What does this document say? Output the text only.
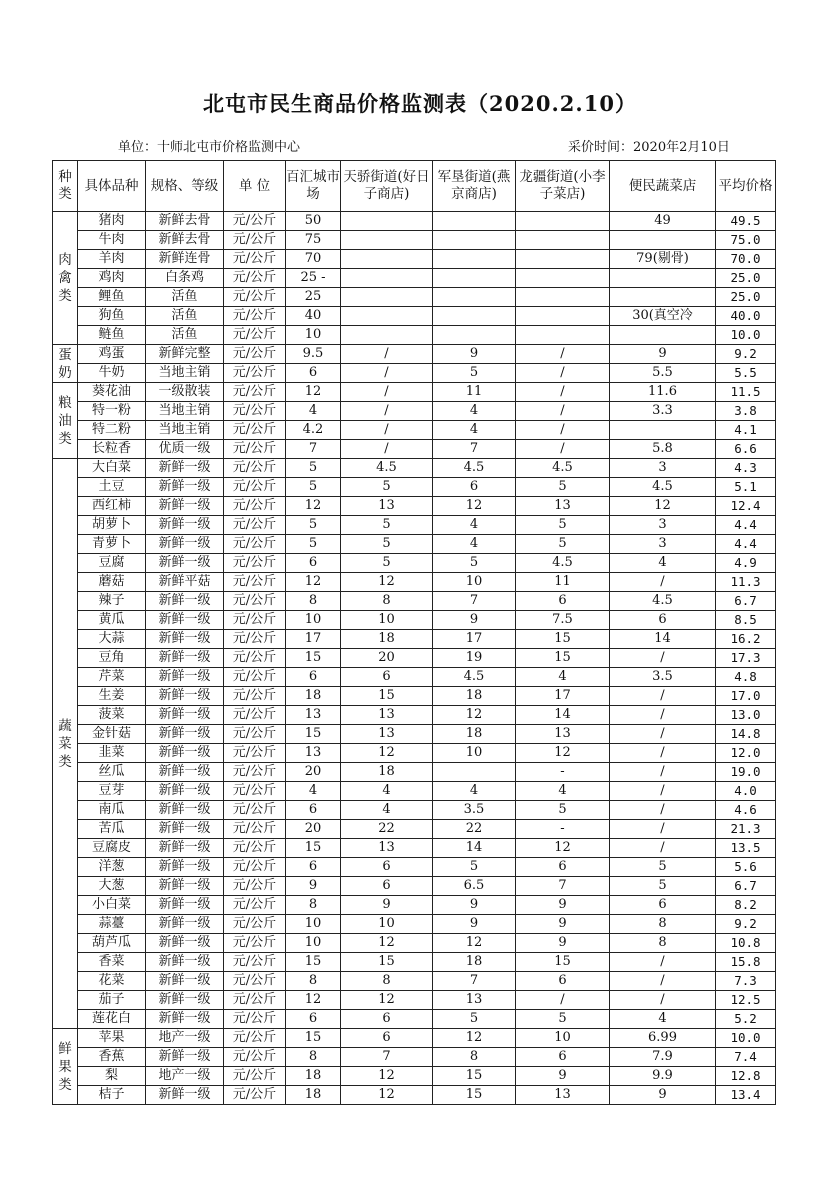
北屯市民生商品价格监测表（2020.2.10）
单位：十师北屯市价格监测中心	采价时间：2020年2月10日
种类	具体品种	规格、等级	单 位	百汇城市场	天骄街道(好日子商店)	军垦街道(燕京商店)	龙疆街道(小李子菜店)	便民蔬菜店	平均价格
肉
禽
类	猪肉	新鲜去骨	元/公斤	50				49	49.5
	牛肉	新鲜去骨	元/公斤	75					75.0
	羊肉	新鲜连骨	元/公斤	70				79(剔骨)	70.0
	鸡肉	白条鸡	元/公斤	25 -					25.0
	鲤鱼	活鱼	元/公斤	25					25.0
	狗鱼	活鱼	元/公斤	40				30(真空冷	40.0
	鲢鱼	活鱼	元/公斤	10					10.0
蛋
奶	鸡蛋	新鲜完整	元/公斤	9.5	/	9	/	9	9.2
	牛奶	当地主销	元/公斤	6	/	5	/	5.5	5.5
粮
油
类	葵花油	一级散装	元/公斤	12	/	11	/	11.6	11.5
	特一粉	当地主销	元/公斤	4	/	4	/	3.3	3.8
	特二粉	当地主销	元/公斤	4.2	/	4	/		4.1
	长粒香	优质一级	元/公斤	7	/	7	/	5.8	6.6
蔬
菜
类	大白菜	新鲜一级	元/公斤	5	4.5	4.5	4.5	3	4.3
	土豆	新鲜一级	元/公斤	5	5	6	5	4.5	5.1
	西红柿	新鲜一级	元/公斤	12	13	12	13	12	12.4
	胡萝卜	新鲜一级	元/公斤	5	5	4	5	3	4.4
	青萝卜	新鲜一级	元/公斤	5	5	4	5	3	4.4
	豆腐	新鲜一级	元/公斤	6	5	5	4.5	4	4.9
	蘑菇	新鲜平菇	元/公斤	12	12	10	11	/	11.3
	辣子	新鲜一级	元/公斤	8	8	7	6	4.5	6.7
	黄瓜	新鲜一级	元/公斤	10	10	9	7.5	6	8.5
	大蒜	新鲜一级	元/公斤	17	18	17	15	14	16.2
	豆角	新鲜一级	元/公斤	15	20	19	15	/	17.3
	芹菜	新鲜一级	元/公斤	6	6	4.5	4	3.5	4.8
	生姜	新鲜一级	元/公斤	18	15	18	17	/	17.0
	菠菜	新鲜一级	元/公斤	13	13	12	14	/	13.0
	金针菇	新鲜一级	元/公斤	15	13	18	13	/	14.8
	韭菜	新鲜一级	元/公斤	13	12	10	12	/	12.0
	丝瓜	新鲜一级	元/公斤	20	18		-	/	19.0
	豆芽	新鲜一级	元/公斤	4	4	4	4	/	4.0
	南瓜	新鲜一级	元/公斤	6	4	3.5	5	/	4.6
	苦瓜	新鲜一级	元/公斤	20	22	22	-	/	21.3
	豆腐皮	新鲜一级	元/公斤	15	13	14	12	/	13.5
	洋葱	新鲜一级	元/公斤	6	6	5	6	5	5.6
	大葱	新鲜一级	元/公斤	9	6	6.5	7	5	6.7
	小白菜	新鲜一级	元/公斤	8	9	9	9	6	8.2
	蒜薹	新鲜一级	元/公斤	10	10	9	9	8	9.2
	葫芦瓜	新鲜一级	元/公斤	10	12	12	9	8	10.8
	香菜	新鲜一级	元/公斤	15	15	18	15	/	15.8
	花菜	新鲜一级	元/公斤	8	8	7	6	/	7.3
	茄子	新鲜一级	元/公斤	12	12	13	/	/	12.5
	莲花白	新鲜一级	元/公斤	6	6	5	5	4	5.2
鲜
果
类	苹果	地产一级	元/公斤	15	6	12	10	6.99	10.0
	香蕉	新鲜一级	元/公斤	8	7	8	6	7.9	7.4
	梨	地产一级	元/公斤	18	12	15	9	9.9	12.8
	桔子	新鲜一级	元/公斤	18	12	15	13	9	13.4
